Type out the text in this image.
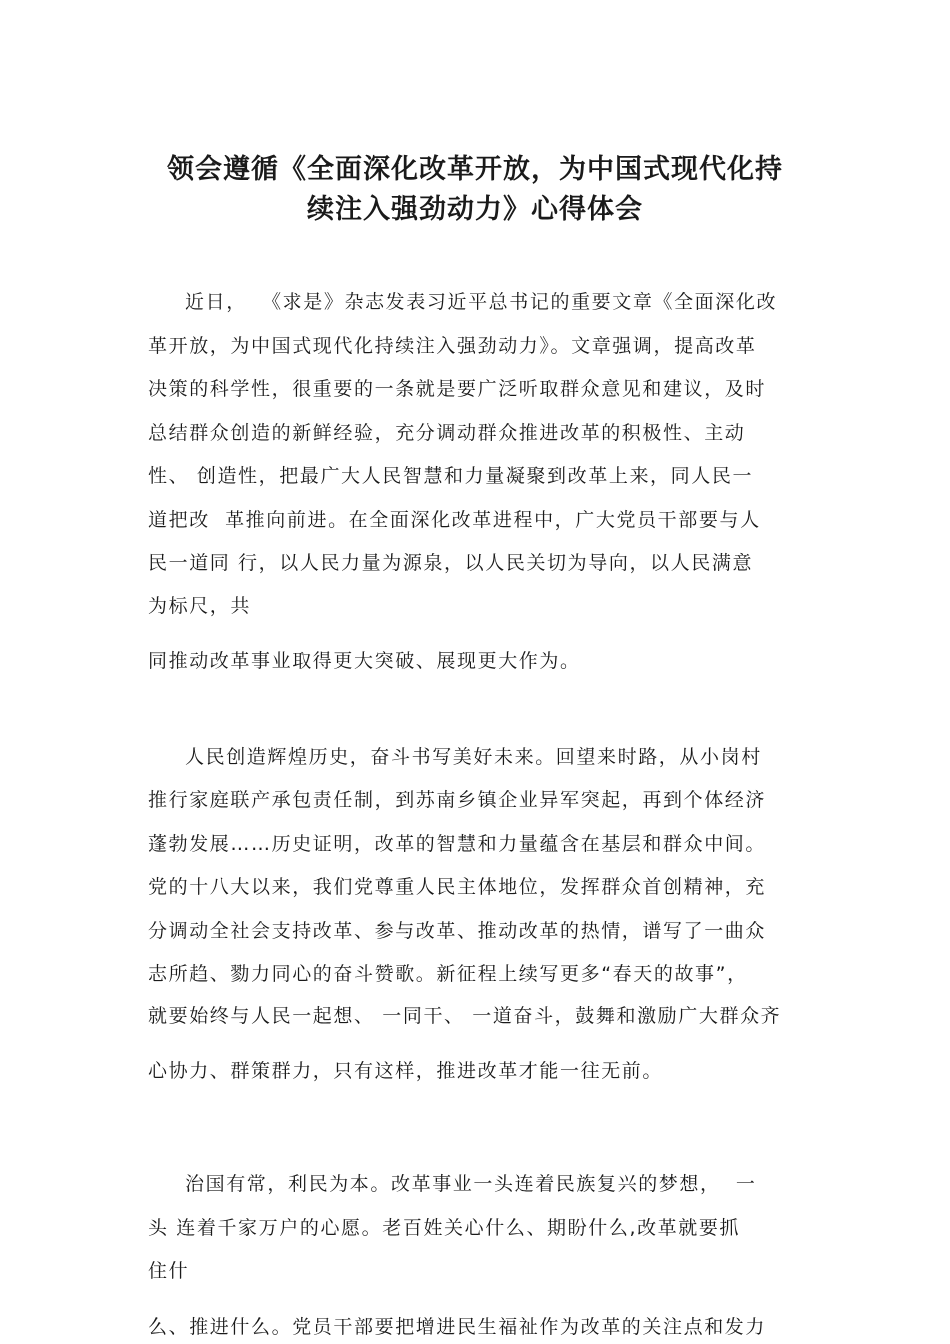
领会遵循《全面深化改革开放，为中国式现代化持
续注入强劲动力》心得体会
近日，  《求是》杂志发表习近平总书记的重要文章《全面深化改
革开放，为中国式现代化持续注入强劲动力》。文章强调，提高改革
决策的科学性，很重要的一条就是要广泛听取群众意见和建议，及时
总结群众创造的新鲜经验，充分调动群众推进改革的积极性、主动
性、 创造性，把最广大人民智慧和力量凝聚到改革上来，同人民一
道把改  革推向前进。在全面深化改革进程中，广大党员干部要与人
民一道同 行，以人民力量为源泉，以人民关切为导向，以人民满意
为标尺，共
同推动改革事业取得更大突破、展现更大作为。
人民创造辉煌历史，奋斗书写美好未来。回望来时路，从小岗村
推行家庭联产承包责任制，到苏南乡镇企业异军突起，再到个体经济
蓬勃发展……历史证明，改革的智慧和力量蕴含在基层和群众中间。
党的十八大以来，我们党尊重人民主体地位，发挥群众首创精神，充
分调动全社会支持改革、参与改革、推动改革的热情，谱写了一曲众
志所趋、勠力同心的奋斗赞歌。新征程上续写更多“春天的故事”，
就要始终与人民一起想、 一同干、 一道奋斗，鼓舞和激励广大群众齐
心协力、群策群力，只有这样，推进改革才能一往无前。
治国有常，利民为本。改革事业一头连着民族复兴的梦想，  一
头 连着千家万户的心愿。老百姓关心什么、期盼什么,改革就要抓
住什
么、推进什么。党员干部要把增进民生福祉作为改革的关注点和发力
